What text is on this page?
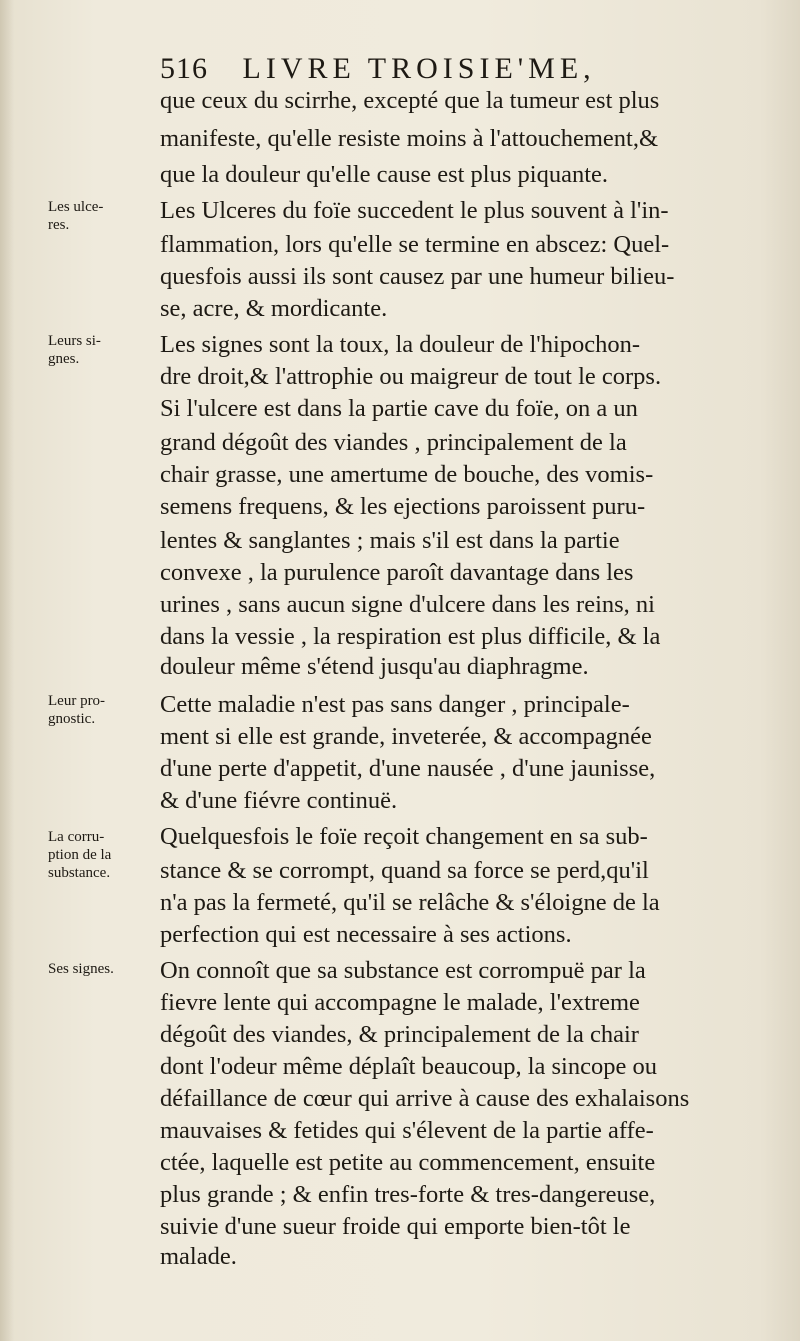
516 LIVRE TROISIE'ME,
Les ulce-
res.
Leurs si-
gnes.
Leur pro-
gnostic.
La corru-
ption de la
substance.
Ses signes.
que ceux du scirrhe, excepté que la tumeur est plus
manifeste, qu'elle resiste moins à l'attouchement,&
que la douleur qu'elle cause est plus piquante.
Les Ulceres du foïe succedent le plus souvent à l'in-
flammation, lors qu'elle se termine en abscez: Quel-
quesfois aussi ils sont causez par une humeur bilieu-
se, acre, & mordicante.
Les signes sont la toux, la douleur de l'hipochon-
dre droit,& l'attrophie ou maigreur de tout le corps.
Si l'ulcere est dans la partie cave du foïe, on a un
grand dégoût des viandes , principalement de la
chair grasse, une amertume de bouche, des vomis-
semens frequens, & les ejections paroissent puru-
lentes & sanglantes ; mais s'il est dans la partie
convexe , la purulence paroît davantage dans les
urines , sans aucun signe d'ulcere dans les reins, ni
dans la vessie , la respiration est plus difficile, & la
douleur même s'étend jusqu'au diaphragme.
Cette maladie n'est pas sans danger , principale-
ment si elle est grande, inveterée, & accompagnée
d'une perte d'appetit, d'une nausée , d'une jaunisse,
& d'une fiévre continuë.
Quelquesfois le foïe reçoit changement en sa sub-
stance & se corrompt, quand sa force se perd,qu'il
n'a pas la fermeté, qu'il se relâche & s'éloigne de la
perfection qui est necessaire à ses actions.
On connoît que sa substance est corrompuë par la
fievre lente qui accompagne le malade, l'extreme
dégoût des viandes, & principalement de la chair
dont l'odeur même déplaît beaucoup, la sincope ou
défaillance de cœur qui arrive à cause des exhalaisons
mauvaises & fetides qui s'élevent de la partie affe-
ctée, laquelle est petite au commencement, ensuite
plus grande ; & enfin tres-forte & tres-dangereuse,
suivie d'une sueur froide qui emporte bien-tôt le
malade.
